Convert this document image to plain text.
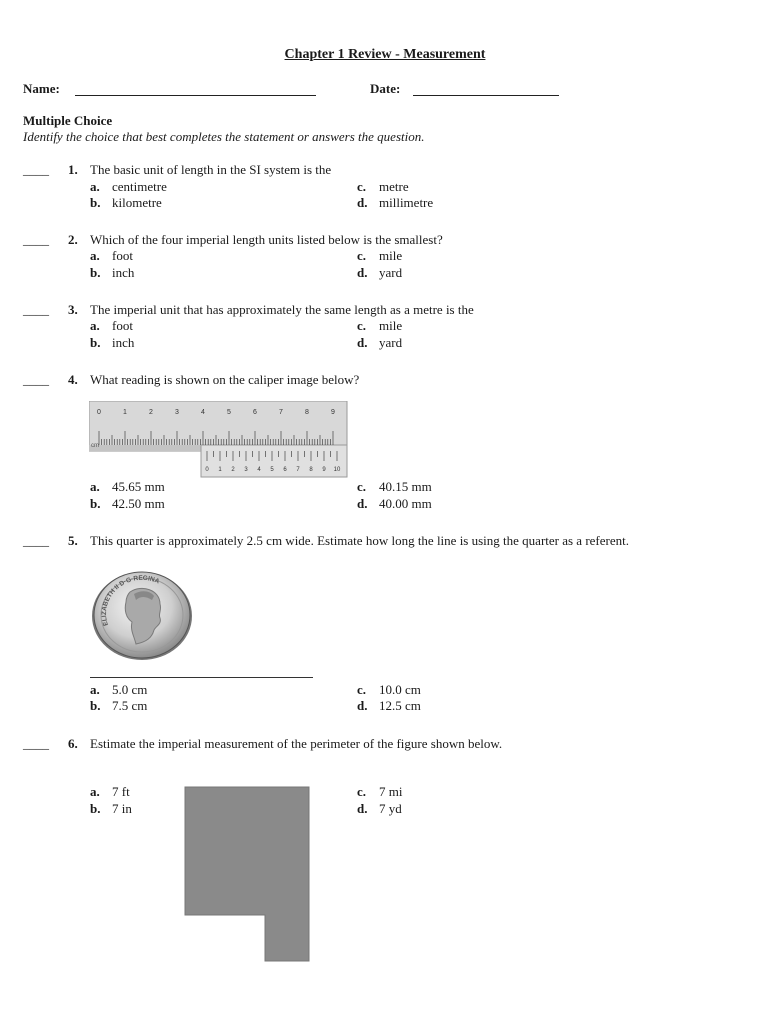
Chapter 1 Review - Measurement
Name:	Date:
Multiple Choice
Identify the choice that best completes the statement or answers the question.
____ 1. The basic unit of length in the SI system is the
a. centimetre
b. kilometre
c. metre
d. millimetre
____ 2. Which of the four imperial length units listed below is the smallest?
a. foot
b. inch
c. mile
d. yard
____ 3. The imperial unit that has approximately the same length as a metre is the
a. foot
b. inch
c. mile
d. yard
____ 4. What reading is shown on the caliper image below?
0	1	2	3	4	5	6	7	8	9
0 1 2 3 4 5 6 7 8 9 10
cm
a. 45.65 mm
b. 42.50 mm
c. 40.15 mm
d. 40.00 mm
____ 5. This quarter is approximately 2.5 cm wide. Estimate how long the line is using the quarter as a referent.
ELIZABETH II D·G·REGINA
a. 5.0 cm
b. 7.5 cm
c. 10.0 cm
d. 12.5 cm
____ 6. Estimate the imperial measurement of the perimeter of the figure shown below.
a. 7 ft
b. 7 in
c. 7 mi
d. 7 yd
